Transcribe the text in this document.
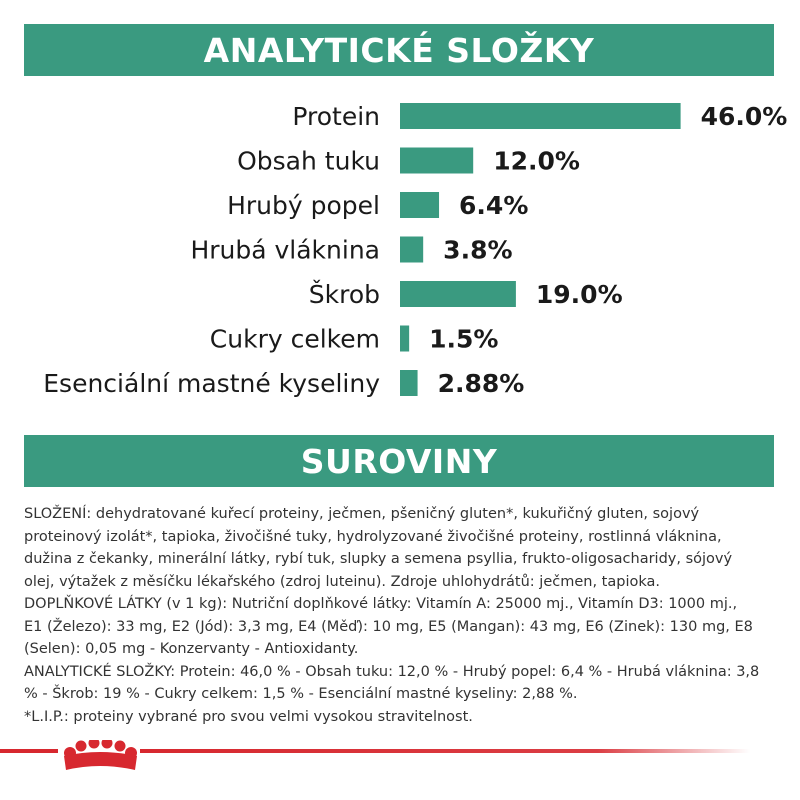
ANALYTICKÉ SLOŽKY
Protein	46.0%
Obsah tuku	12.0%
Hrubý popel	6.4%
Hrubá vláknina	3.8%
Škrob	19.0%
Cukry celkem 1.5%
Esenciální mastné kyseliny 2.88%
SUROVINY

SLOŽENÍ: dehydratované kuřecí proteiny, ječmen, pšeničný gluten*, kukuřičný gluten, sojový

proteinový izolát*, tapioka, živočišné tuky, hydrolyzované živočišné proteiny, rostlinná vláknina,

dužina z čekanky, minerální látky, rybí tuk, slupky a semena psyllia, frukto-oligosacharidy, sójový

olej, výtažek z měsíčku lékařského (zdroj luteinu). Zdroje uhlohydrátů: ječmen, tapioka.

DOPLŇKOVÉ LÁTKY (v 1 kg): Nutriční doplňkové látky: Vitamín A: 25000 mj., Vitamín D3: 1000 mj.,

E1 (Železo): 33 mg, E2 (Jód): 3,3 mg, E4 (Měď): 10 mg, E5 (Mangan): 43 mg, E6 (Zinek): 130 mg, E8

(Selen): 0,05 mg - Konzervanty - Antioxidanty.

ANALYTICKÉ SLOŽKY: Protein: 46,0 % - Obsah tuku: 12,0 % - Hrubý popel: 6,4 % - Hrubá vláknina: 3,8

% - Škrob: 19 % - Cukry celkem: 1,5 % - Esenciální mastné kyseliny: 2,88 %.

*L.I.P.: proteiny vybrané pro svou velmi vysokou stravitelnost.
